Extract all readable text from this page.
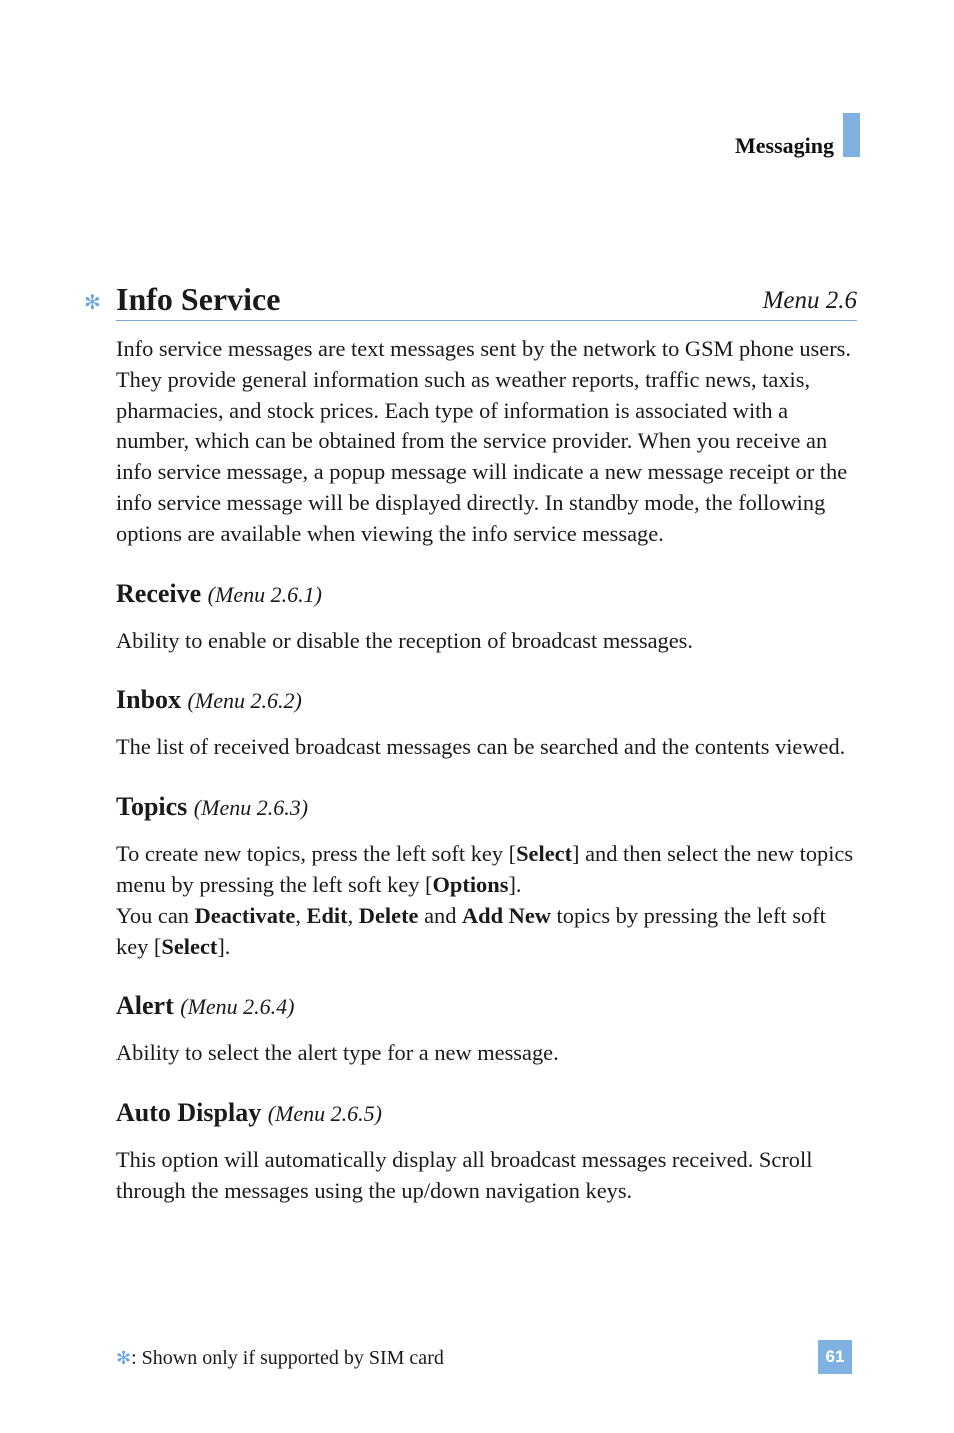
Messaging
✻ Info Service	Menu 2.6

Info service messages are text messages sent by the network to GSM phone users. They provide general information such as weather reports, traffic news, taxis, pharmacies, and stock prices. Each type of information is associated with a number, which can be obtained from the service provider. When you receive an info service message, a popup message will indicate a new message receipt or the info service message will be displayed directly. In standby mode, the following options are available when viewing the info service message.

Receive (Menu 2.6.1)

Ability to enable or disable the reception of broadcast messages.

Inbox (Menu 2.6.2)

The list of received broadcast messages can be searched and the contents viewed.

Topics (Menu 2.6.3)

To create new topics, press the left soft key [Select] and then select the new topics menu by pressing the left soft key [Options].

You can Deactivate, Edit, Delete and Add New topics by pressing the left soft key [Select].

Alert (Menu 2.6.4)

Ability to select the alert type for a new message.

Auto Display (Menu 2.6.5)

This option will automatically display all broadcast messages received. Scroll through the messages using the up/down navigation keys.

✻: Shown only if supported by SIM card	61
